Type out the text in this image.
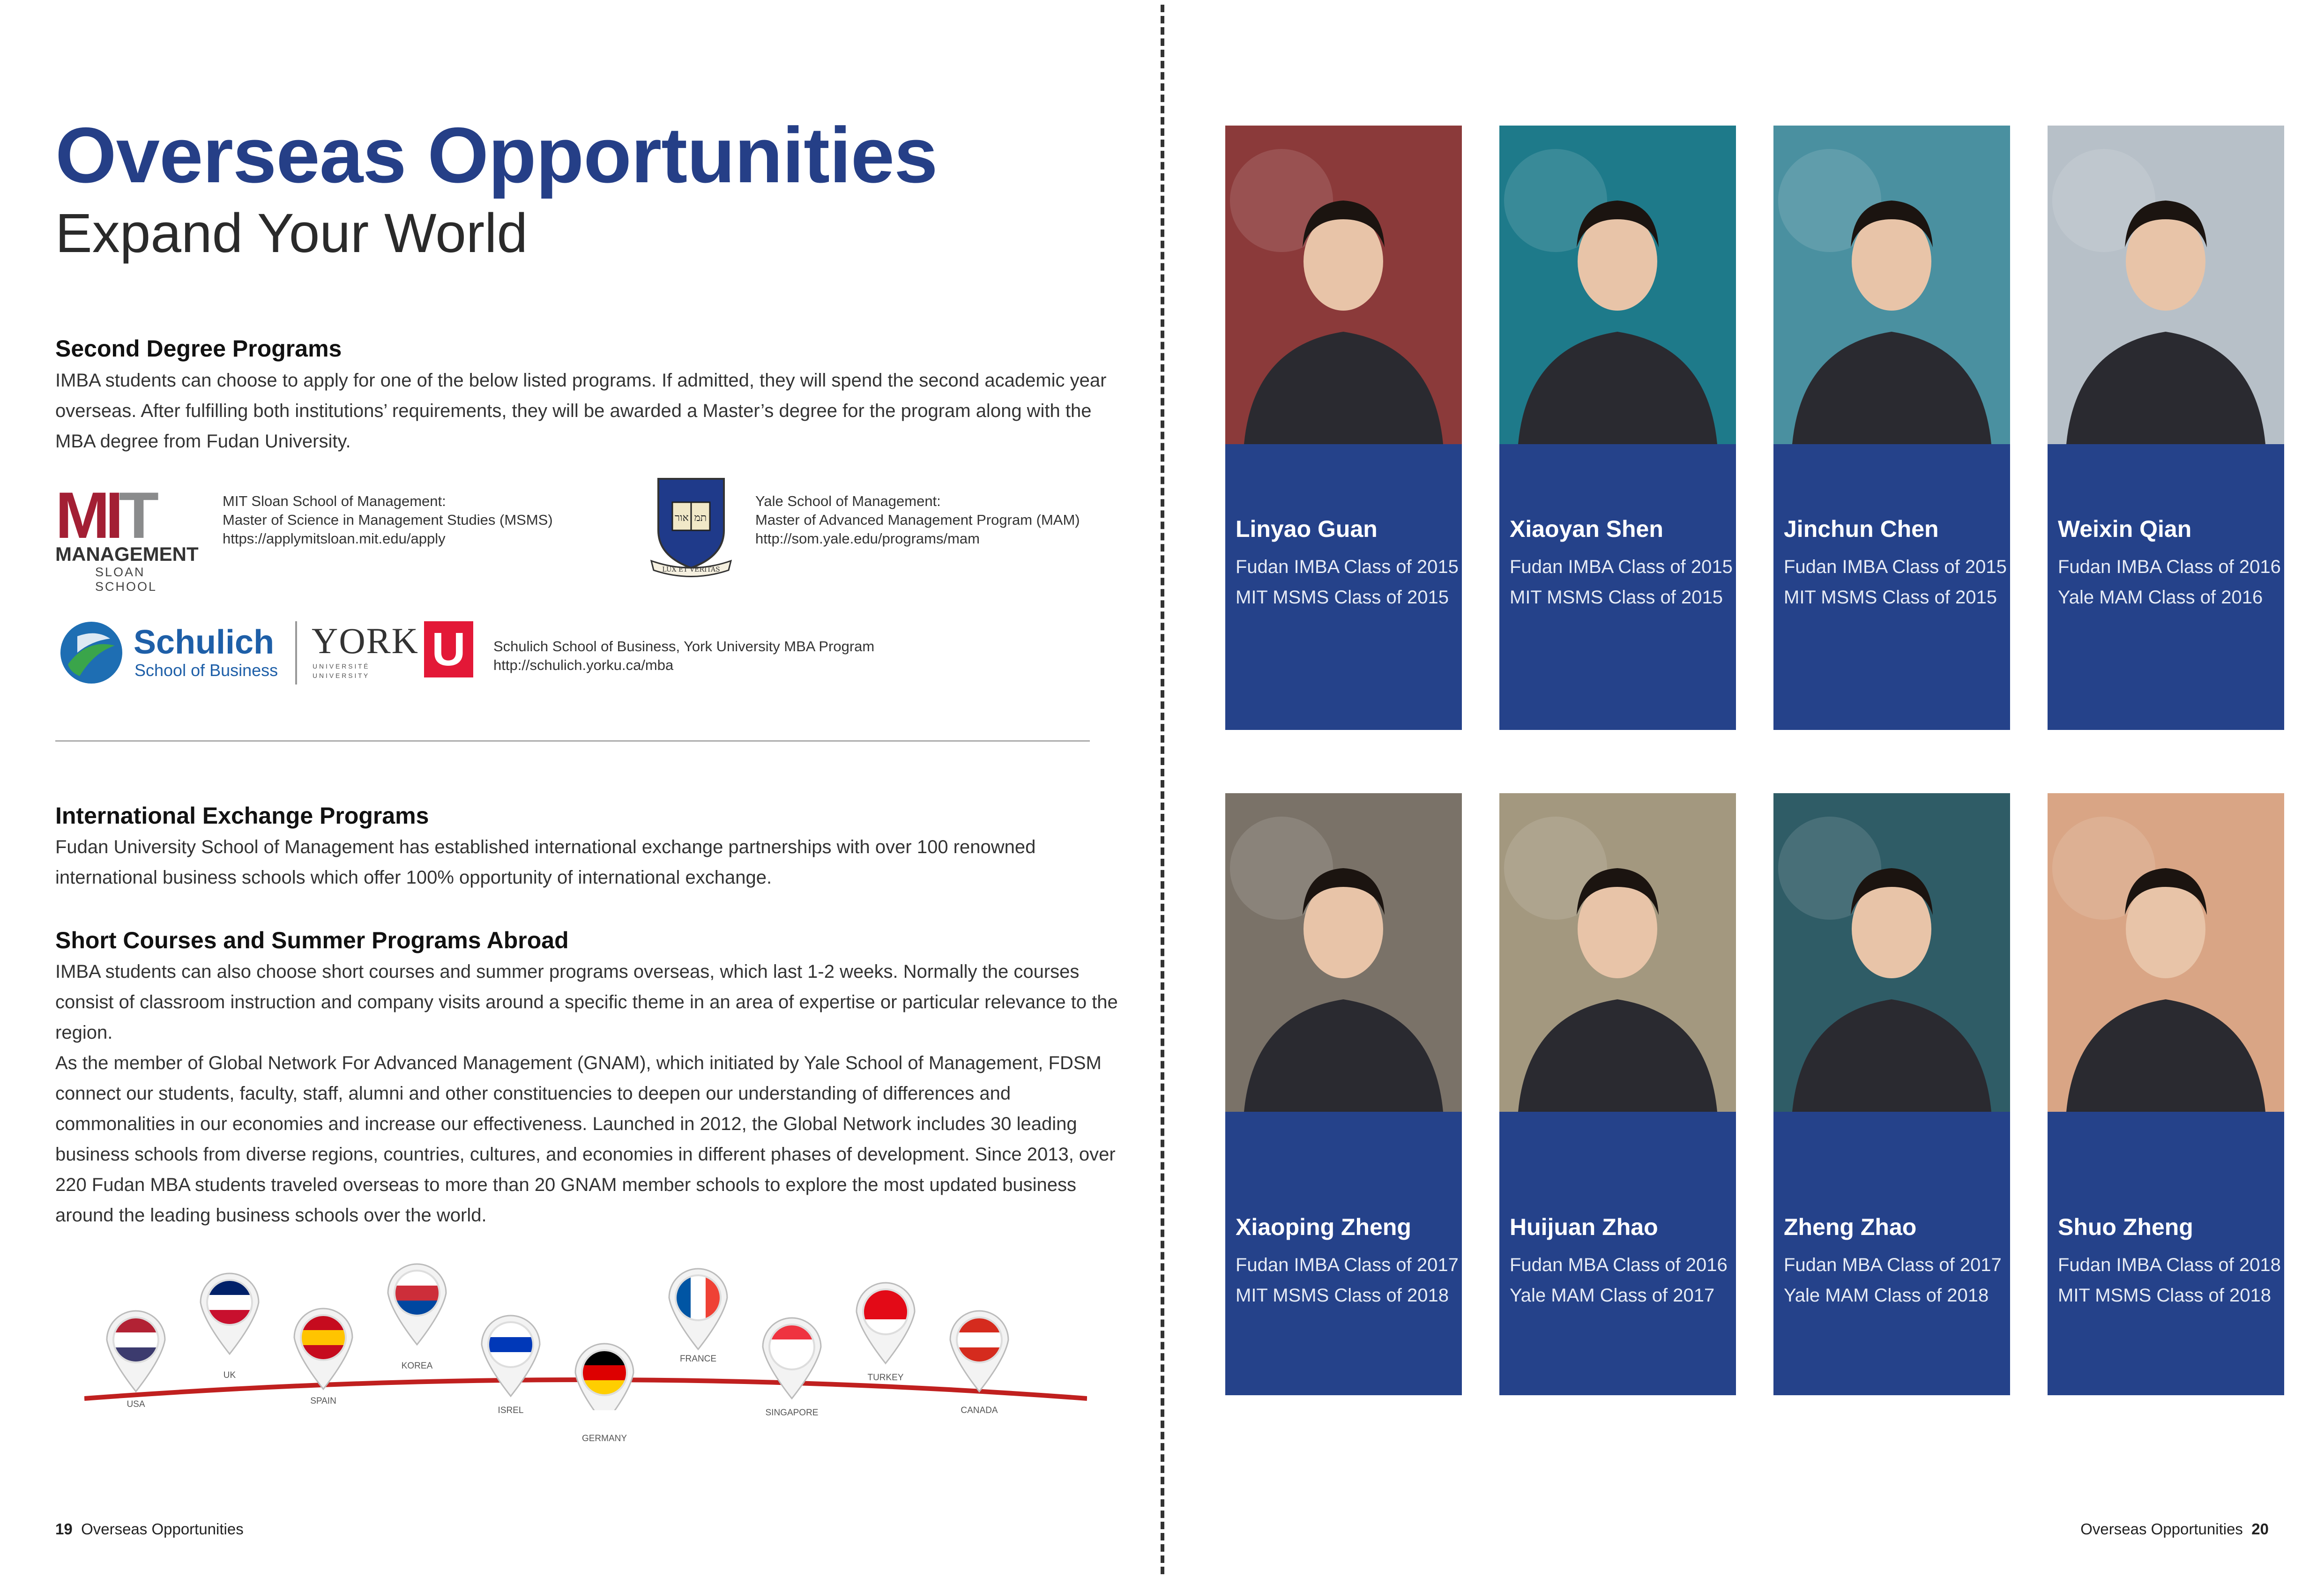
Overseas Opportunities
Expand Your World
Second Degree Programs
IMBA students can choose to apply for one of the below listed programs. If admitted, they will spend the second academic year overseas. After fulfilling both institutions’ requirements, they will be awarded a Master’s degree for the program along with the MBA degree from Fudan University.
MIT
MANAGEMENT
SLOAN SCHOOL
MIT Sloan School of Management:
Master of Science in Management Studies (MSMS)
https://applymitsloan.mit.edu/apply
אור תמ
LUX ET VERITAS
Yale School of Management:
Master of Advanced Management Program (MAM)
http://som.yale.edu/programs/mam
Schulich
School of Business
YORK U
U N I V E R S I T É
U N I V E R S I T Y
Schulich School of Business, York University MBA Program
http://schulich.yorku.ca/mba
International Exchange Programs
Fudan University School of Management has established international exchange partnerships with over 100 renowned international business schools which offer 100% opportunity of international exchange.
Short Courses and Summer Programs Abroad
IMBA students can also choose short courses and summer programs overseas, which last 1-2 weeks. Normally the courses consist of classroom instruction and company visits around a specific theme in an area of expertise or particular relevance to the region.
As the member of Global Network For Advanced Management (GNAM), which initiated by Yale School of Management, FDSM connect our students, faculty, staff, alumni and other constituencies to deepen our understanding of differences and commonalities in our economies and increase our effectiveness. Launched in 2012, the Global Network includes 30 leading business schools from diverse regions, countries, cultures, and economies in different phases of development. Since 2013, over 220 Fudan MBA students traveled overseas to more than 20 GNAM member schools to explore the most updated business around the leading business schools over the world.
USA
UK
SPAIN
KOREA
ISREL
GERMANY
FRANCE
SINGAPORE
TURKEY
CANADA
19 Overseas Opportunities
Linyao Guan
Fudan IMBA Class of 2015
MIT MSMS Class of 2015
Xiaoyan Shen
Fudan IMBA Class of 2015
MIT MSMS Class of 2015
Jinchun Chen
Fudan IMBA Class of 2015
MIT MSMS Class of 2015
Weixin Qian
Fudan IMBA Class of 2016
Yale MAM Class of 2016
Xiaoping Zheng
Fudan IMBA Class of 2017
MIT MSMS Class of 2018
Huijuan Zhao
Fudan MBA Class of 2016
Yale MAM Class of 2017
Zheng Zhao
Fudan MBA Class of 2017
Yale MAM Class of 2018
Shuo Zheng
Fudan IMBA Class of 2018
MIT MSMS Class of 2018
Overseas Opportunities 20
